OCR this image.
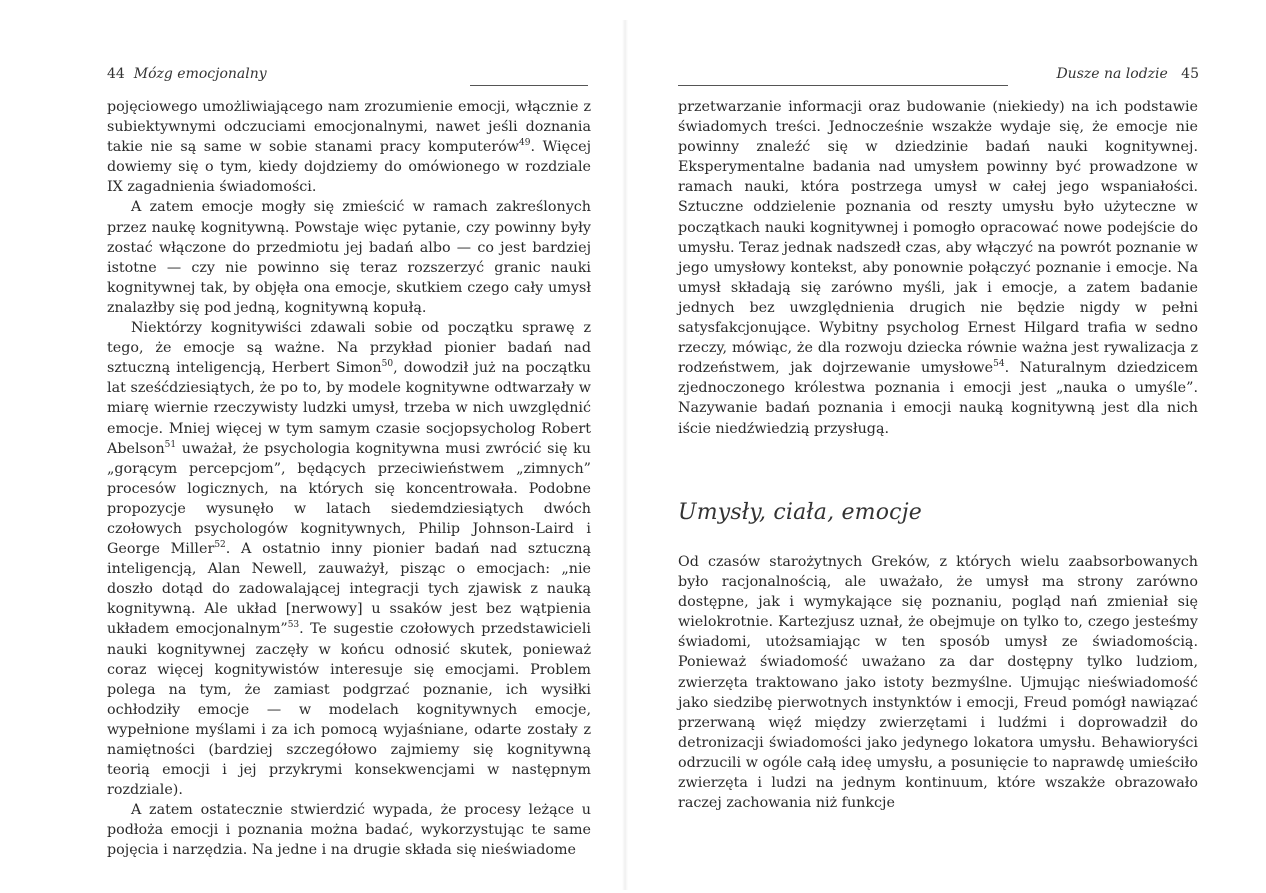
44 Mózg emocjonalny

pojęciowego umożliwiającego nam zrozumienie emocji, włącznie z subiektywnymi odczuciami emocjonalnymi, nawet jeśli doznania takie nie są same w sobie stanami pracy komputerów$^{49}$. Więcej dowiemy się o tym, kiedy dojdziemy do omówionego w rozdziale IX zagadnienia świadomości.

A zatem emocje mogły się zmieścić w ramach zakreślonych przez naukę kognitywną. Powstaje więc pytanie, czy powinny były zostać włączone do przedmiotu jej badań albo — co jest bardziej istotne — czy nie powinno się teraz rozszerzyć granic nauki kognitywnej tak, by objęła ona emocje, skutkiem czego cały umysł znalazłby się pod jedną, kognitywną kopułą.

Niektórzy kognitywiści zdawali sobie od początku sprawę z tego, że emocje są ważne. Na przykład pionier badań nad sztuczną inteligencją, Herbert Simon$^{50}$, dowodził już na początku lat sześćdziesiątych, że po to, by modele kognitywne odtwarzały w miarę wiernie rzeczywisty ludzki umysł, trzeba w nich uwzględnić emocje. Mniej więcej w tym samym czasie socjopsycholog Robert Abelson$^{51}$ uważał, że psychologia kognitywna musi zwrócić się ku „gorącym percepcjom”, będących przeciwieństwem „zimnych” procesów logicznych, na których się koncentrowała. Podobne propozycje wysunęło w latach siedemdziesiątych dwóch czołowych psychologów kognitywnych, Philip Johnson-Laird i George Miller$^{52}$. A ostatnio inny pionier badań nad sztuczną inteligencją, Alan Newell, zauważył, pisząc o emocjach: „nie doszło dotąd do zadowalającej integracji tych zjawisk z nauką kognitywną. Ale układ [nerwowy] u ssaków jest bez wątpienia układem emocjonalnym”$^{53}$. Te sugestie czołowych przedstawicieli nauki kognitywnej zaczęły w końcu odnosić skutek, ponieważ coraz więcej kognitywistów interesuje się emocjami. Problem polega na tym, że zamiast podgrzać poznanie, ich wysiłki ochłodziły emocje — w modelach kognitywnych emocje, wypełnione myślami i za ich pomocą wyjaśniane, odarte zostały z namiętności (bardziej szczegółowo zajmiemy się kognitywną teorią emocji i jej przykrymi konsekwencjami w następnym rozdziale).

A zatem ostatecznie stwierdzić wypada, że procesy leżące u podłoża emocji i poznania można badać, wykorzystując te same pojęcia i narzędzia. Na jedne i na drugie składa się nieświadome

Dusze na lodzie 45

przetwarzanie informacji oraz budowanie (niekiedy) na ich podstawie świadomych treści. Jednocześnie wszakże wydaje się, że emocje nie powinny znaleźć się w dziedzinie badań nauki kognitywnej. Eksperymentalne badania nad umysłem powinny być prowadzone w ramach nauki, która postrzega umysł w całej jego wspaniałości. Sztuczne oddzielenie poznania od reszty umysłu było użyteczne w początkach nauki kognitywnej i pomogło opracować nowe podejście do umysłu. Teraz jednak nadszedł czas, aby włączyć na powrót poznanie w jego umysłowy kontekst, aby ponownie połączyć poznanie i emocje. Na umysł składają się zarówno myśli, jak i emocje, a zatem badanie jednych bez uwzględnienia drugich nie będzie nigdy w pełni satysfakcjonujące. Wybitny psycholog Ernest Hilgard trafia w sedno rzeczy, mówiąc, że dla rozwoju dziecka równie ważna jest rywalizacja z rodzeństwem, jak dojrzewanie umysłowe$^{54}$. Naturalnym dziedzicem zjednoczonego królestwa poznania i emocji jest „nauka o umyśle”. Nazywanie badań poznania i emocji nauką kognitywną jest dla nich iście niedźwiedzią przysługą.

Umysły, ciała, emocje

Od czasów starożytnych Greków, z których wielu zaabsorbowanych było racjonalnością, ale uważało, że umysł ma strony zarówno dostępne, jak i wymykające się poznaniu, pogląd nań zmieniał się wielokrotnie. Kartezjusz uznał, że obejmuje on tylko to, czego jesteśmy świadomi, utożsamiając w ten sposób umysł ze świadomością. Ponieważ świadomość uważano za dar dostępny tylko ludziom, zwierzęta traktowano jako istoty bezmyślne. Ujmując nieświadomość jako siedzibę pierwotnych instynktów i emocji, Freud pomógł nawiązać przerwaną więź między zwierzętami i ludźmi i doprowadził do detronizacji świadomości jako jedynego lokatora umysłu. Behawioryści odrzucili w ogóle całą ideę umysłu, a posunięcie to naprawdę umieściło zwierzęta i ludzi na jednym kontinuum, które wszakże obrazowało raczej zachowania niż funkcje
